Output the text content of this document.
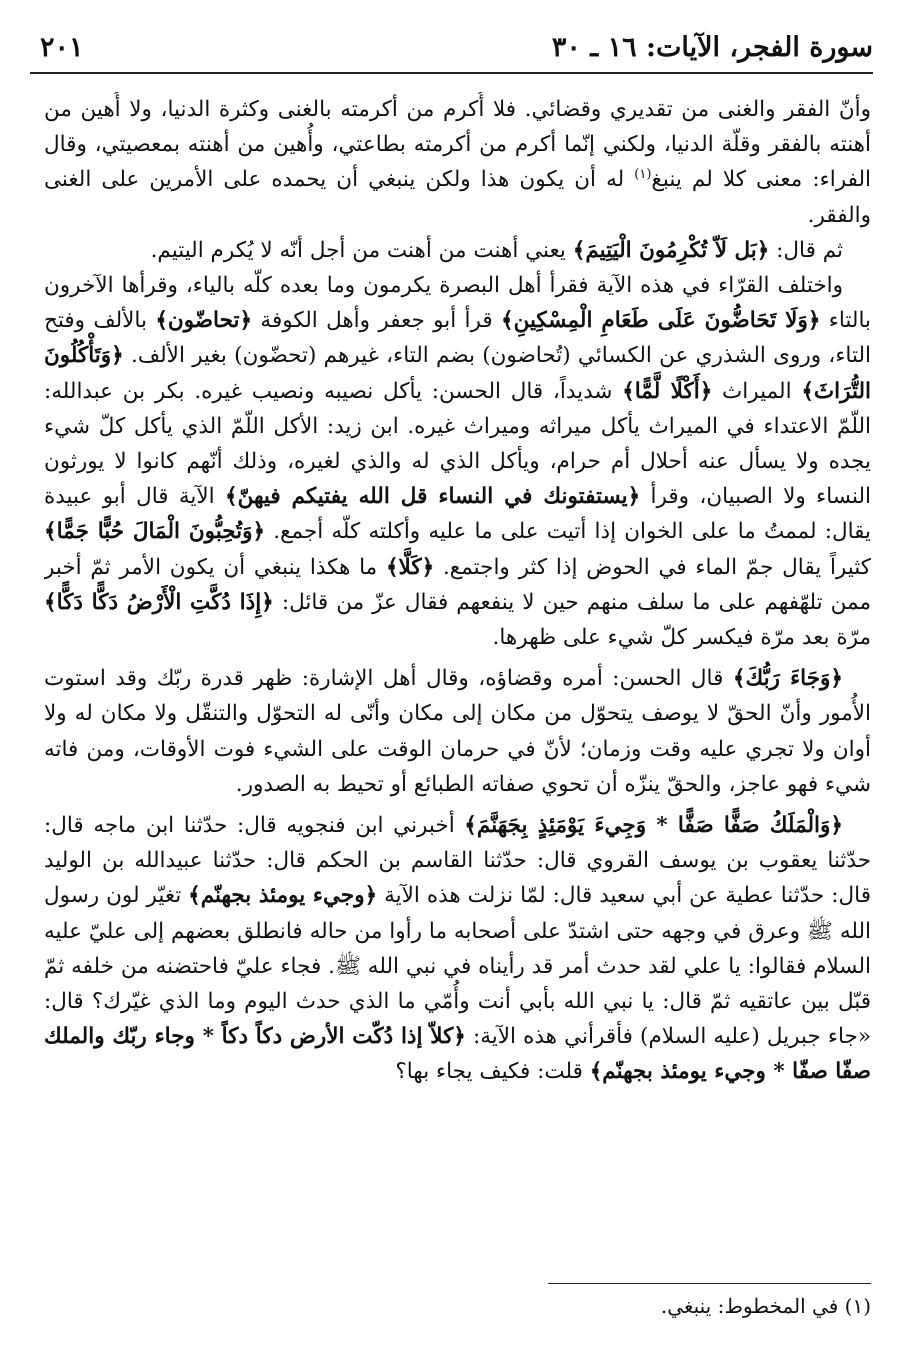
سورة الفجر، الآيات: ١٦ ـ ٣٠
٢٠١

وأنّ الفقر والغنى من تقديري وقضائي. فلا أُكرم من أكرمته بالغنى وكثرة الدنيا، ولا أُهين من أهنته بالفقر وقلّة الدنيا، ولكني إنّما أكرم من أكرمته بطاعتي، وأُهين من أهنته بمعصيتي، وقال الفراء: معنى كلا لم ينبغ$^{(١)}$ له أن يكون هذا ولكن ينبغي أن يحمده على الأمرين على الغنى والفقر.

ثم قال: ﴿بَل لَاّ تُكْرِمُونَ الْيَتِيمَ﴾ يعني أهنت من أهنت من أجل أنّه لا يُكرم اليتيم.

واختلف القرّاء في هذه الآية فقرأ أهل البصرة يكرمون وما بعده كلّه بالياء، وقرأها الآخرون بالتاء ﴿وَلَا تَحَاضُّونَ عَلَى طَعَامِ الْمِسْكِينِ﴾ قرأ أبو جعفر وأهل الكوفة ﴿تحاضّون﴾ بالألف وفتح التاء، وروى الشذري عن الكسائي (تُحاضون) بضم التاء، غيرهم (تحضّون) بغير الألف. ﴿وَتَأْكُلُونَ التُّرَاثَ﴾ الميراث ﴿أَكْلًا لَّمًّا﴾ شديداً، قال الحسن: يأكل نصيبه ونصيب غيره. بكر بن عبدالله: اللّمّ الاعتداء في الميراث يأكل ميراثه وميراث غيره. ابن زيد: الأكل اللّمّ الذي يأكل كلّ شيء يجده ولا يسأل عنه أحلال أم حرام، ويأكل الذي له والذي لغيره، وذلك أنّهم كانوا لا يورثون النساء ولا الصبيان، وقرأ ﴿يستفتونك في النساء قل الله يفتيكم فيهنّ﴾ الآية قال أبو عبيدة يقال: لممتُ ما على الخوان إذا أتيت على ما عليه وأكلته كلّه أجمع. ﴿وَتُحِبُّونَ الْمَالَ حُبًّا جَمًّا﴾ كثيراً يقال جمّ الماء في الحوض إذا كثر واجتمع. ﴿كَلَّا﴾ ما هكذا ينبغي أن يكون الأمر ثمّ أخبر ممن تلهّفهم على ما سلف منهم حين لا ينفعهم فقال عزّ من قائل: ﴿إِذَا دُكَّتِ الْأَرْضُ دَكًّا دَكًّا﴾ مرّة بعد مرّة فيكسر كلّ شيء على ظهرها.

﴿وَجَاءَ رَبُّكَ﴾ قال الحسن: أمره وقضاؤه، وقال أهل الإشارة: ظهر قدرة ربّك وقد استوت الأُمور وأنّ الحقّ لا يوصف يتحوّل من مكان إلى مكان وأنّى له التحوّل والتنقّل ولا مكان له ولا أوان ولا تجري عليه وقت وزمان؛ لأنّ في حرمان الوقت على الشيء فوت الأوقات، ومن فاته شيء فهو عاجز، والحقّ ينزّه أن تحوي صفاته الطبائع أو تحيط به الصدور.

﴿وَالْمَلَكُ صَفًّا صَفًّا * وَجِيءَ يَوْمَئِذٍ بِجَهَنَّمَ﴾ أخبرني ابن فنجويه قال: حدّثنا ابن ماجه قال: حدّثنا يعقوب بن يوسف القروي قال: حدّثنا القاسم بن الحكم قال: حدّثنا عبيدالله بن الوليد قال: حدّثنا عطية عن أبي سعيد قال: لمّا نزلت هذه الآية ﴿وجيء يومئذ بجهنّم﴾ تغيّر لون رسول الله ﷺ وعرق في وجهه حتى اشتدّ على أصحابه ما رأوا من حاله فانطلق بعضهم إلى عليّ عليه السلام فقالوا: يا علي لقد حدث أمر قد رأيناه في نبي الله ﷺ. فجاء عليّ فاحتضنه من خلفه ثمّ قبّل بين عاتقيه ثمّ قال: يا نبي الله بأبي أنت وأُمّي ما الذي حدث اليوم وما الذي غيّرك؟ قال: «جاء جبريل (عليه السلام) فأقرأني هذه الآية: ﴿كلاّ إذا دُكّت الأرض دكاً دكاً * وجاء ربّك والملك صفّا صفّا * وجيء يومئذ بجهنّم﴾ قلت: فكيف يجاء بها؟

(١) في المخطوط: ينبغي.
